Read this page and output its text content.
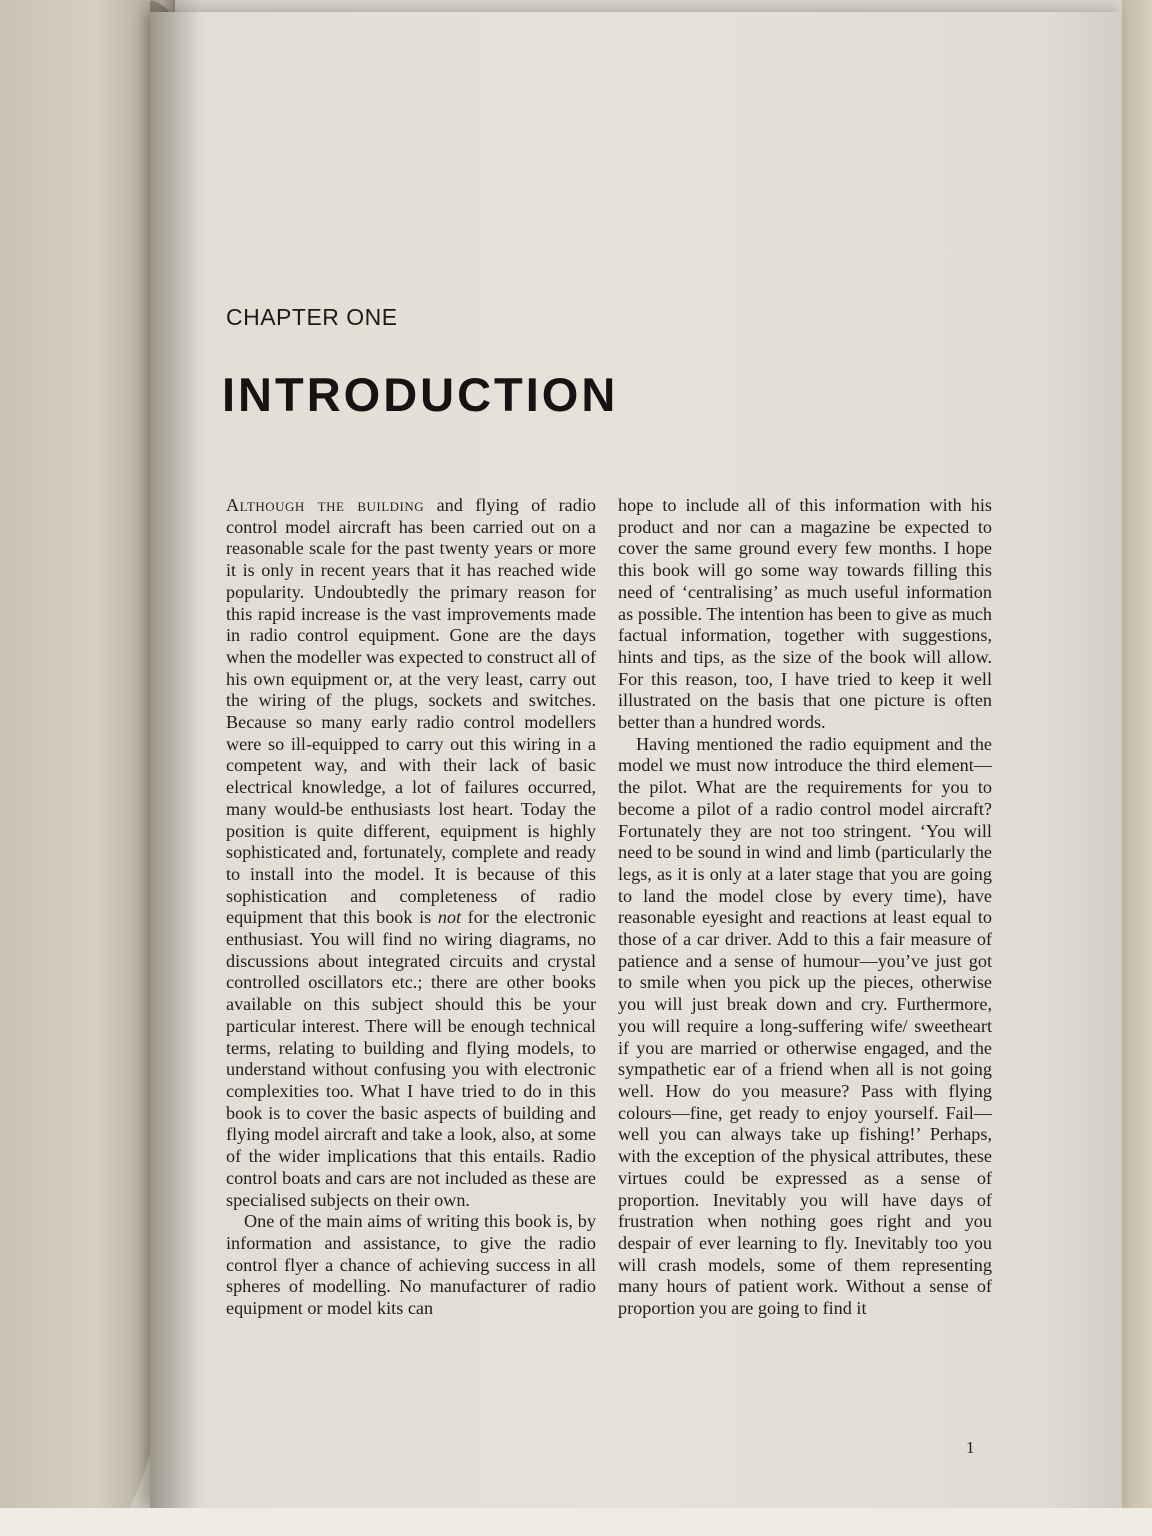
CHAPTER ONE
INTRODUCTION

Although the building and flying of radio control model aircraft has been carried out on a reasonable scale for the past twenty years or more it is only in recent years that it has reached wide popularity. Undoubtedly the primary reason for this rapid increase is the vast improvements made in radio control equipment. Gone are the days when the modeller was expected to construct all of his own equipment or, at the very least, carry out the wiring of the plugs, sockets and switches. Because so many early radio control modellers were so ill-equipped to carry out this wiring in a competent way, and with their lack of basic electrical knowledge, a lot of failures occurred, many would-be enthusiasts lost heart. Today the position is quite different, equipment is highly sophisticated and, fortunately, complete and ready to install into the model. It is because of this sophistication and completeness of radio equipment that this book is not for the electronic enthusiast. You will find no wiring diagrams, no discussions about integrated circuits and crystal controlled oscillators etc.; there are other books available on this subject should this be your particular interest. There will be enough technical terms, relating to building and flying models, to understand without confusing you with electronic complexities too. What I have tried to do in this book is to cover the basic aspects of building and flying model aircraft and take a look, also, at some of the wider implications that this entails. Radio control boats and cars are not included as these are specialised subjects on their own.

One of the main aims of writing this book is, by information and assistance, to give the radio control flyer a chance of achieving success in all spheres of modelling. No manufacturer of radio equipment or model kits can

hope to include all of this information with his product and nor can a magazine be expected to cover the same ground every few months. I hope this book will go some way towards filling this need of ‘centralising’ as much useful information as possible. The intention has been to give as much factual information, together with suggestions, hints and tips, as the size of the book will allow. For this reason, too, I have tried to keep it well illustrated on the basis that one picture is often better than a hundred words.

Having mentioned the radio equipment and the model we must now introduce the third element—the pilot. What are the requirements for you to become a pilot of a radio control model aircraft? Fortunately they are not too stringent. ‘You will need to be sound in wind and limb (particularly the legs, as it is only at a later stage that you are going to land the model close by every time), have reasonable eyesight and reactions at least equal to those of a car driver. Add to this a fair measure of patience and a sense of humour—you’ve just got to smile when you pick up the pieces, otherwise you will just break down and cry. Furthermore, you will require a long-suffering wife/ sweetheart if you are married or otherwise engaged, and the sympathetic ear of a friend when all is not going well. How do you measure? Pass with flying colours—fine, get ready to enjoy yourself. Fail—well you can always take up fishing!’ Perhaps, with the exception of the physical attributes, these virtues could be expressed as a sense of proportion. Inevitably you will have days of frustration when nothing goes right and you despair of ever learning to fly. Inevitably too you will crash models, some of them representing many hours of patient work. Without a sense of proportion you are going to find it

1
